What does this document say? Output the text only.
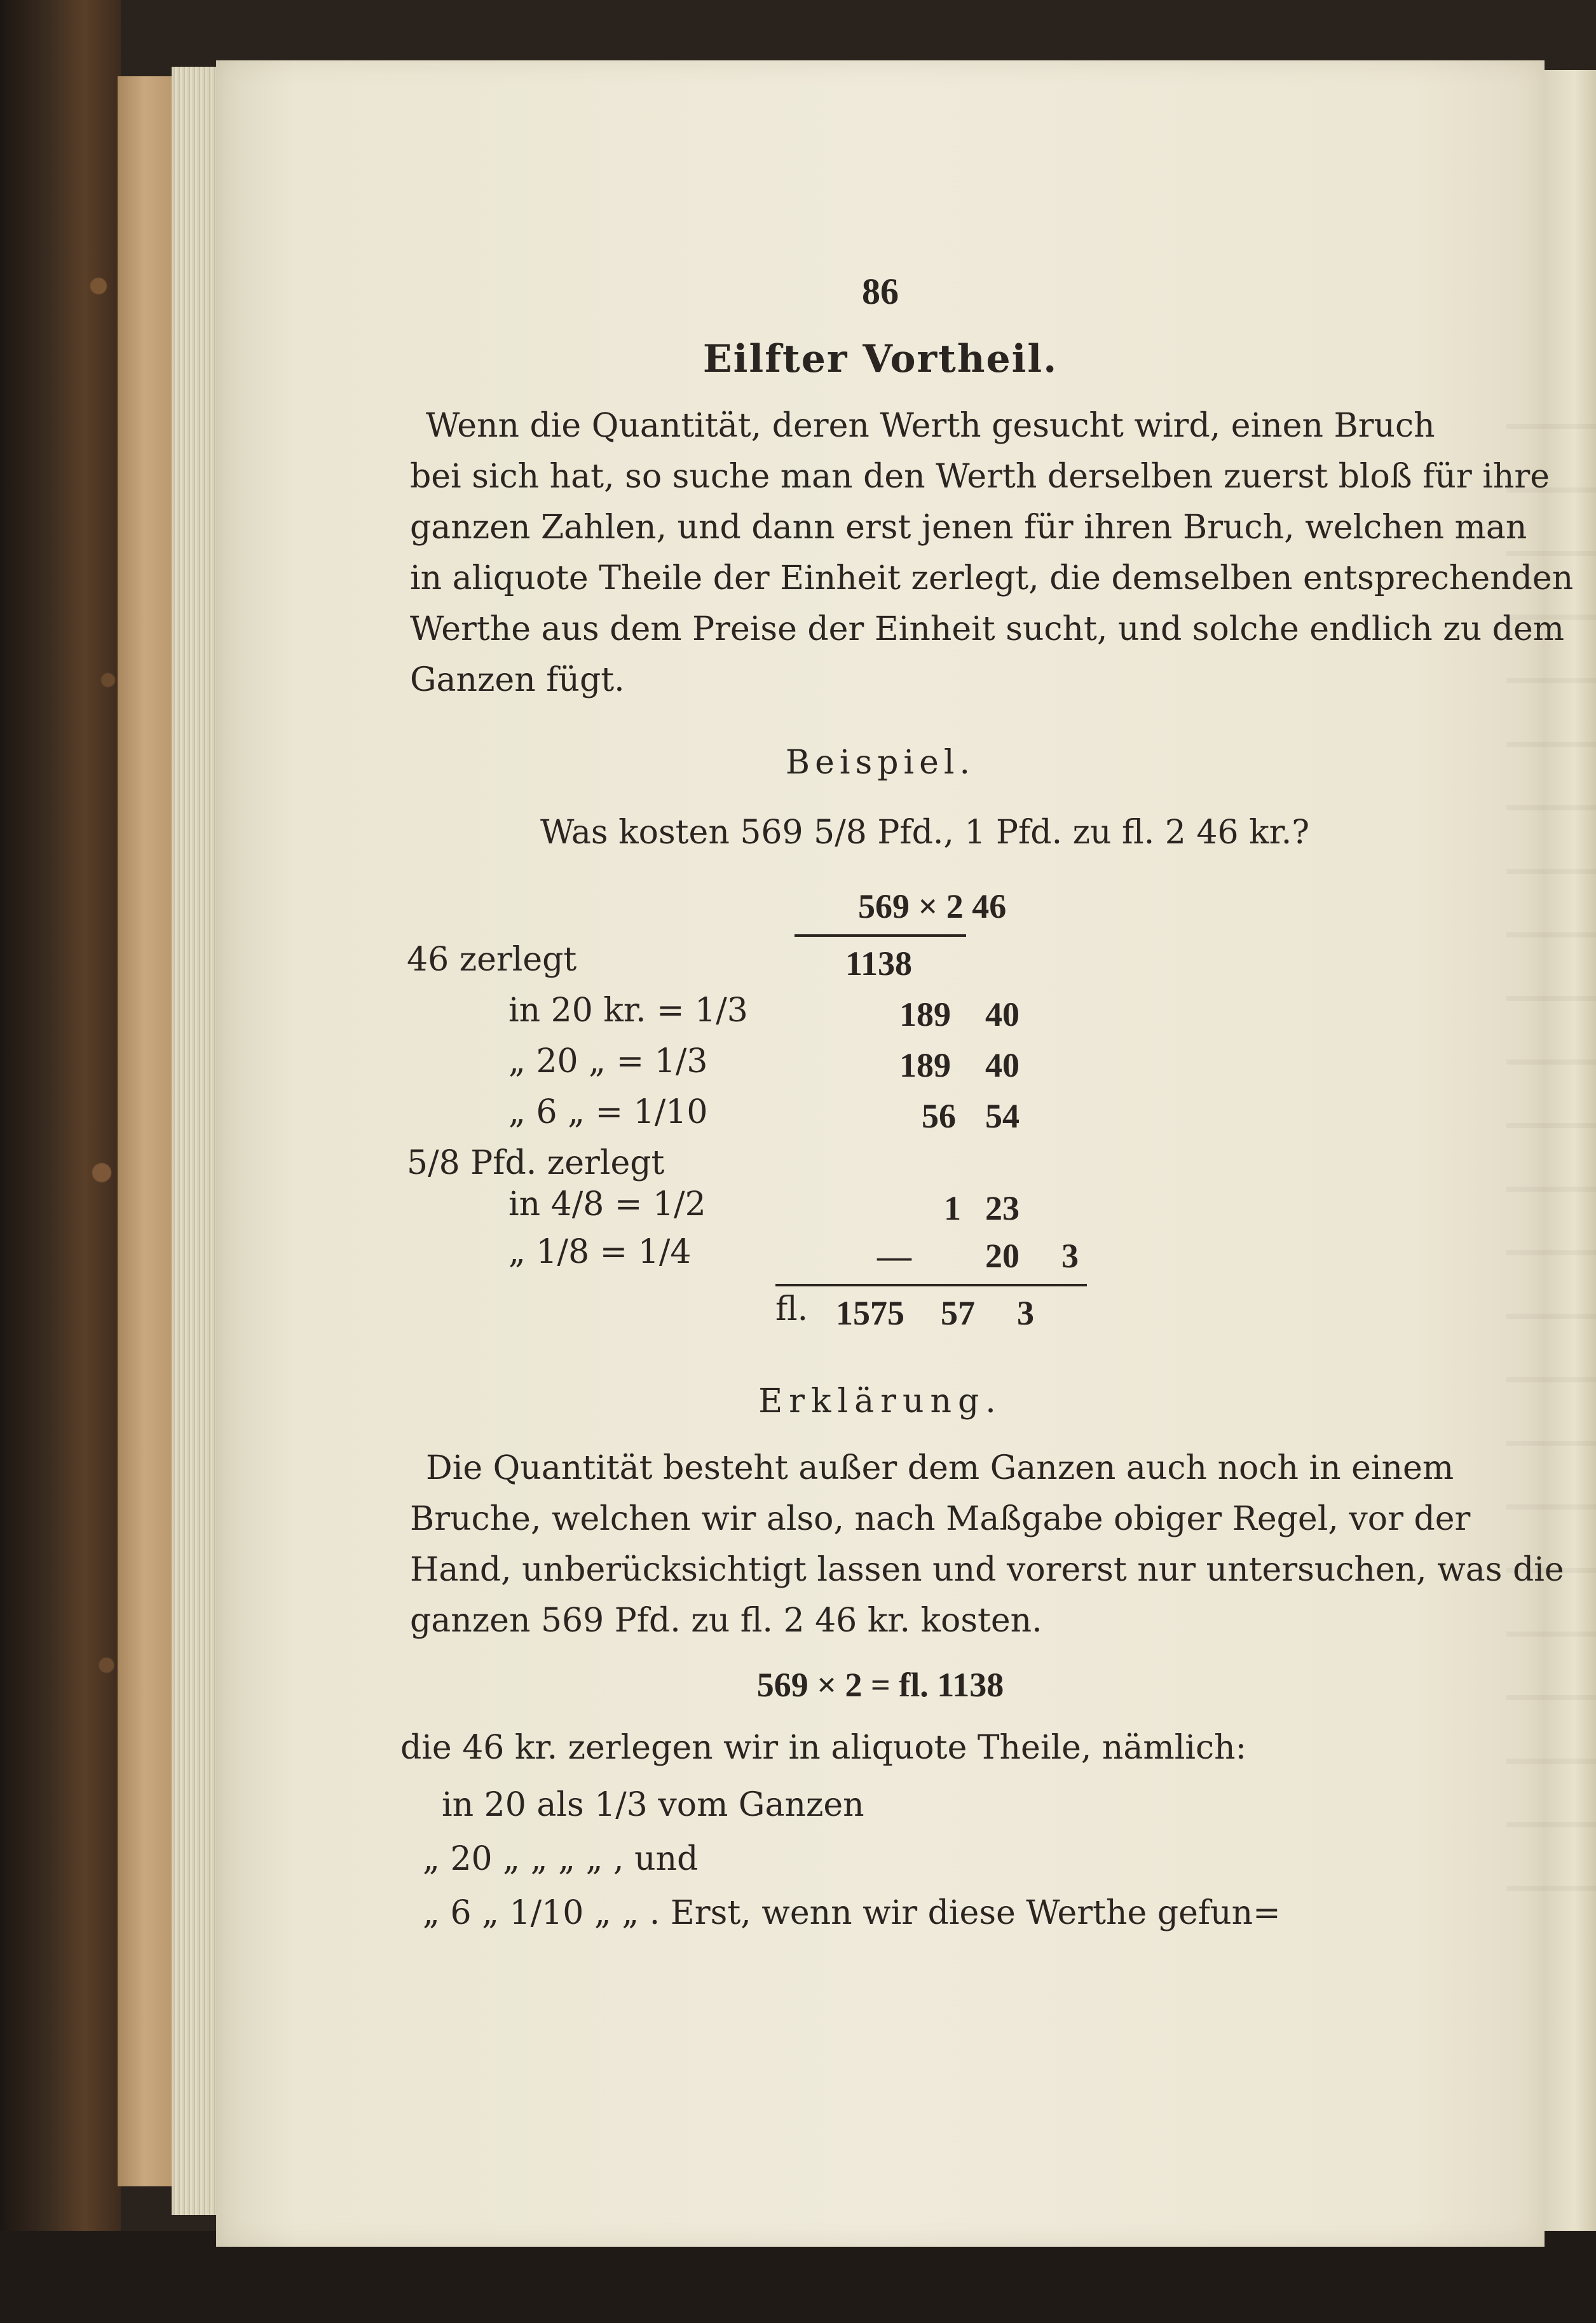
86
Eilfter Vortheil.
Wenn die Quantität, deren Werth gesucht wird, einen Bruch
bei sich hat, so suche man den Werth derselben zuerst bloß für ihre
ganzen Zahlen, und dann erst jenen für ihren Bruch, welchen man
in aliquote Theile der Einheit zerlegt, die demselben entsprechenden
Werthe aus dem Preise der Einheit sucht, und solche endlich zu dem
Ganzen fügt.
Beispiel.
Was kosten 569 5/8 Pfd., 1 Pfd. zu fl. 2 46 kr.?
569 × 2 46
46 zerlegt	1138
in 20 kr. = 1/3	189 40
„ 20 „ = 1/3	189 40
„ 6 „ = 1/10	56 54
5/8 Pfd. zerlegt
in 4/8 = 1/2	1 23
„ 1/8 = 1/4	— 20 3
fl. 1575 57 3
Erklärung.
Die Quantität besteht außer dem Ganzen auch noch in einem
Bruche, welchen wir also, nach Maßgabe obiger Regel, vor der
Hand, unberücksichtigt lassen und vorerst nur untersuchen, was die
ganzen 569 Pfd. zu fl. 2 46 kr. kosten.
569 × 2 = fl. 1138
die 46 kr. zerlegen wir in aliquote Theile, nämlich:
in 20 als 1/3 vom Ganzen
„ 20 „ „ „ „ , und
„ 6 „ 1/10 „ „ . Erst, wenn wir diese Werthe gefun=
